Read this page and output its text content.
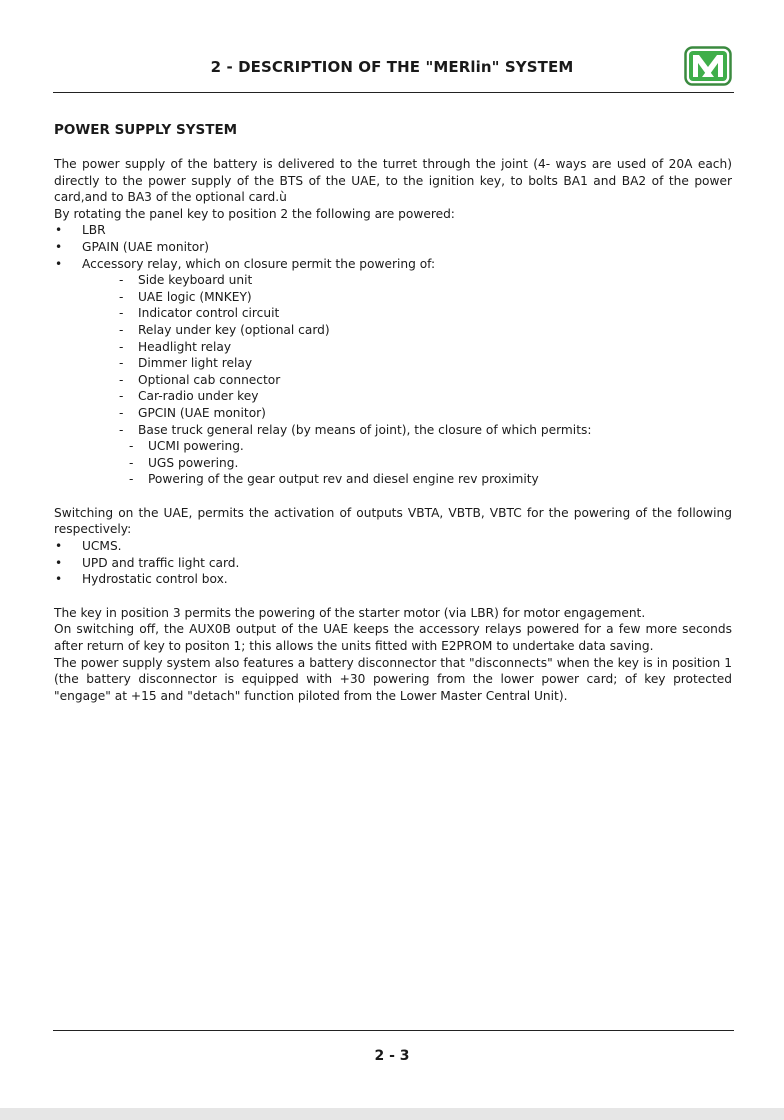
2 - DESCRIPTION OF THE "MERlin" SYSTEM
POWER SUPPLY SYSTEM

The power supply of the battery is delivered to the turret through the joint (4- ways are used of 20A each) directly to the power supply of the BTS of the UAE, to the ignition key, to bolts BA1 and BA2 of the power card,and to BA3 of the optional card.ù

By rotating the panel key to position 2 the following are powered:

• LBR
• GPAIN (UAE monitor)
• Accessory relay, which on closure permit the powering of:
- Side keyboard unit
- UAE logic (MNKEY)
- Indicator control circuit
- Relay under key (optional card)
- Headlight relay
- Dimmer light relay
- Optional cab connector
- Car-radio under key
- GPCIN (UAE monitor)
- Base truck general relay (by means of joint), the closure of which permits:
- UCMI powering.
- UGS powering.
- Powering of the gear output rev and diesel engine rev proximity

Switching on the UAE, permits the activation of outputs VBTA, VBTB, VBTC for the powering of the following respectively:

• UCMS.
• UPD and traffic light card.
• Hydrostatic control box.

The key in position 3 permits the powering of the starter motor (via LBR) for motor engagement.

On switching off, the AUX0B output of the UAE keeps the accessory relays powered for a few more seconds after return of key to positon 1; this allows the units fitted with E2PROM to undertake data saving.

The power supply system also features a battery disconnector that "disconnects" when the key is in position 1 (the battery disconnector is equipped with +30 powering from the lower power card; of key protected "engage" at +15 and "detach" function piloted from the Lower Master Central Unit).

2 - 3
